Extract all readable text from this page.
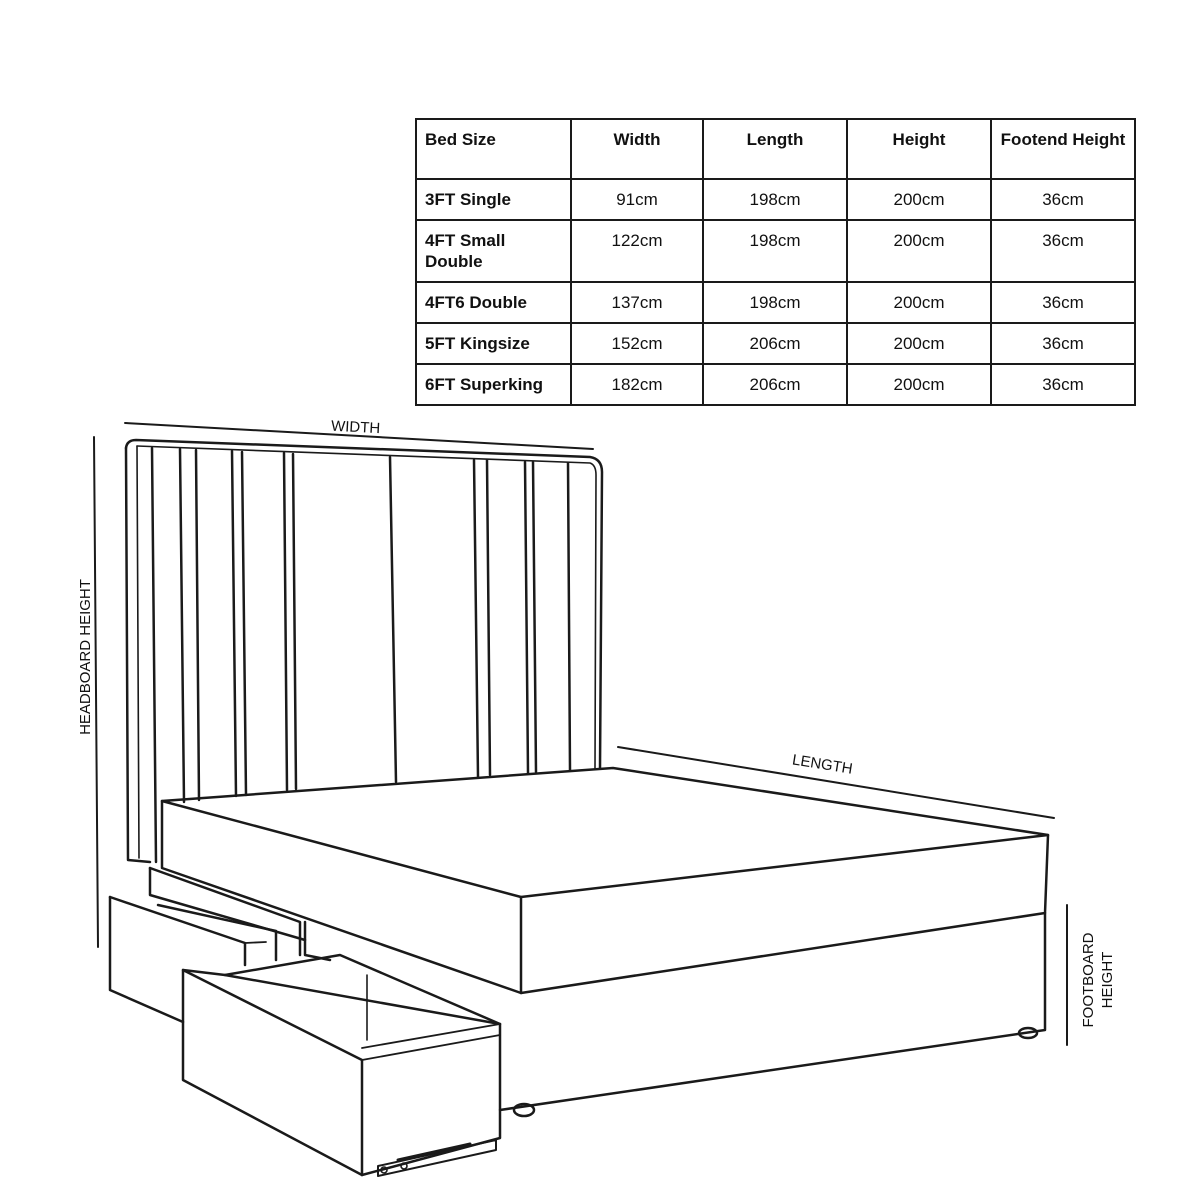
Bed Size	Width	Length	Height	Footend Height
3FT Single	91cm	198cm	200cm	36cm
4FT Small Double	122cm	198cm	200cm	36cm
4FT6 Double	137cm	198cm	200cm	36cm
5FT Kingsize	152cm	206cm	200cm	36cm
6FT Superking	182cm	206cm	200cm	36cm
WIDTH
LENGTH
HEADBOARD HEIGHT
FOOTBOARD HEIGHT
